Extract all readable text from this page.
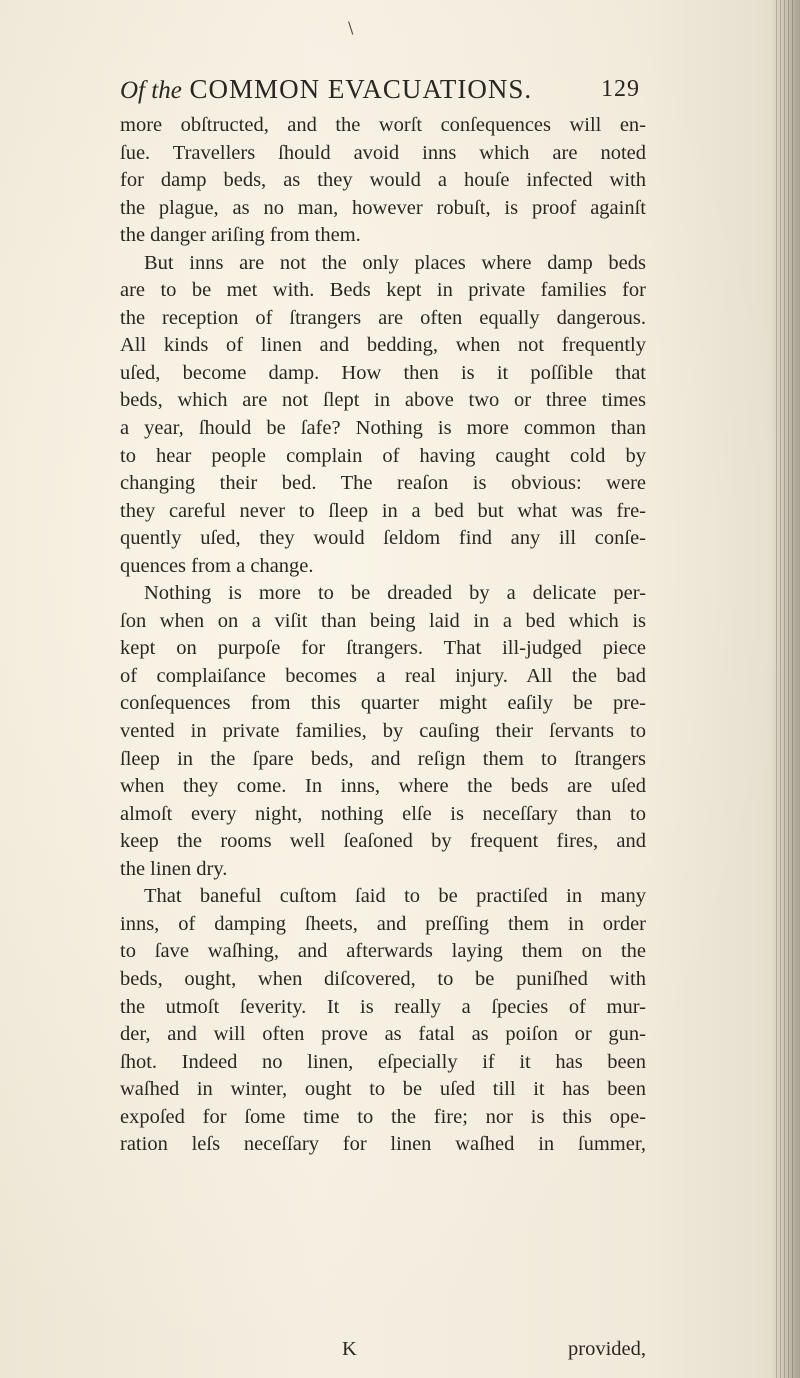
\
Of the COMMON EVACUATIONS.	129
more obſtructed, and the worſt conſequences will en-
ſue. Travellers ſhould avoid inns which are noted
for damp beds, as they would a houſe infected with
the plague, as no man, however robuſt, is proof againſt
the danger ariſing from them.
But inns are not the only places where damp beds
are to be met with. Beds kept in private families for
the reception of ſtrangers are often equally dangerous.
All kinds of linen and bedding, when not frequently
uſed, become damp. How then is it poſſible that
beds, which are not ſlept in above two or three times
a year, ſhould be ſafe? Nothing is more common than
to hear people complain of having caught cold by
changing their bed. The reaſon is obvious: were
they careful never to ſleep in a bed but what was fre-
quently uſed, they would ſeldom find any ill conſe-
quences from a change.
Nothing is more to be dreaded by a delicate per-
ſon when on a viſit than being laid in a bed which is
kept on purpoſe for ſtrangers. That ill-judged piece
of complaiſance becomes a real injury. All the bad
conſequences from this quarter might eaſily be pre-
vented in private families, by cauſing their ſervants to
ſleep in the ſpare beds, and reſign them to ſtrangers
when they come. In inns, where the beds are uſed
almoſt every night, nothing elſe is neceſſary than to
keep the rooms well ſeaſoned by frequent fires, and
the linen dry.
That baneful cuſtom ſaid to be practiſed in many
inns, of damping ſheets, and preſſing them in order
to ſave waſhing, and afterwards laying them on the
beds, ought, when diſcovered, to be puniſhed with
the utmoſt ſeverity. It is really a ſpecies of mur-
der, and will often prove as fatal as poiſon or gun-
ſhot. Indeed no linen, eſpecially if it has been
waſhed in winter, ought to be uſed till it has been
expoſed for ſome time to the fire; nor is this ope-
ration leſs neceſſary for linen waſhed in ſummer,
K	provided,
